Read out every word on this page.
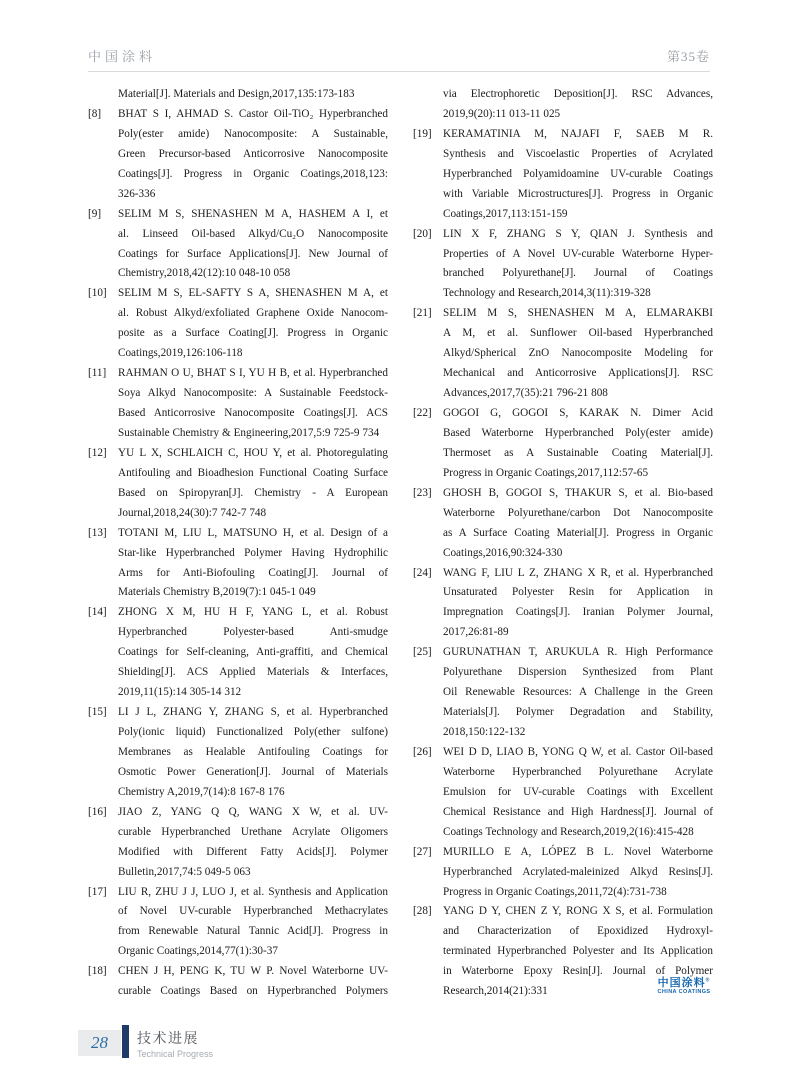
中国涂料	第35卷
Material[J]. Materials and Design,2017,135:173-183
[8] BHAT S I, AHMAD S. Castor Oil-TiO₂ Hyperbranched
Poly(ester amide) Nanocomposite: A Sustainable,
Green Precursor-based Anticorrosive Nanocomposite
Coatings[J]. Progress in Organic Coatings,2018,123:
326-336
[9] SELIM M S, SHENASHEN M A, HASHEM A I, et
al. Linseed Oil-based Alkyd/Cu₂O Nanocomposite
Coatings for Surface Applications[J]. New Journal of
Chemistry,2018,42(12):10 048-10 058
[10] SELIM M S, EL-SAFTY S A, SHENASHEN M A, et
al. Robust Alkyd/exfoliated Graphene Oxide Nanocom-
posite as a Surface Coating[J]. Progress in Organic
Coatings,2019,126:106-118
[11] RAHMAN O U, BHAT S I, YU H B, et al. Hyperbranched
Soya Alkyd Nanocomposite: A Sustainable Feedstock-
Based Anticorrosive Nanocomposite Coatings[J]. ACS
Sustainable Chemistry & Engineering,2017,5:9 725-9 734
[12] YU L X, SCHLAICH C, HOU Y, et al. Photoregulating
Antifouling and Bioadhesion Functional Coating Surface
Based on Spiropyran[J]. Chemistry - A European
Journal,2018,24(30):7 742-7 748
[13] TOTANI M, LIU L, MATSUNO H, et al. Design of a
Star-like Hyperbranched Polymer Having Hydrophilic
Arms for Anti-Biofouling Coating[J]. Journal of
Materials Chemistry B,2019(7):1 045-1 049
[14] ZHONG X M, HU H F, YANG L, et al. Robust
Hyperbranched Polyester-based Anti-smudge
Coatings for Self-cleaning, Anti-graffiti, and Chemical
Shielding[J]. ACS Applied Materials & Interfaces,
2019,11(15):14 305-14 312
[15] LI J L, ZHANG Y, ZHANG S, et al. Hyperbranched
Poly(ionic liquid) Functionalized Poly(ether sulfone)
Membranes as Healable Antifouling Coatings for
Osmotic Power Generation[J]. Journal of Materials
Chemistry A,2019,7(14):8 167-8 176
[16] JIAO Z, YANG Q Q, WANG X W, et al. UV-
curable Hyperbranched Urethane Acrylate Oligomers
Modified with Different Fatty Acids[J]. Polymer
Bulletin,2017,74:5 049-5 063
[17] LIU R, ZHU J J, LUO J, et al. Synthesis and Application
of Novel UV-curable Hyperbranched Methacrylates
from Renewable Natural Tannic Acid[J]. Progress in
Organic Coatings,2014,77(1):30-37
[18] CHEN J H, PENG K, TU W P. Novel Waterborne UV-
curable Coatings Based on Hyperbranched Polymers
via Electrophoretic Deposition[J]. RSC Advances,
2019,9(20):11 013-11 025
[19] KERAMATINIA M, NAJAFI F, SAEB M R.
Synthesis and Viscoelastic Properties of Acrylated
Hyperbranched Polyamidoamine UV-curable Coatings
with Variable Microstructures[J]. Progress in Organic
Coatings,2017,113:151-159
[20] LIN X F, ZHANG S Y, QIAN J. Synthesis and
Properties of A Novel UV-curable Waterborne Hyper-
branched Polyurethane[J]. Journal of Coatings
Technology and Research,2014,3(11):319-328
[21] SELIM M S, SHENASHEN M A, ELMARAKBI
A M, et al. Sunflower Oil-based Hyperbranched
Alkyd/Spherical ZnO Nanocomposite Modeling for
Mechanical and Anticorrosive Applications[J]. RSC
Advances,2017,7(35):21 796-21 808
[22] GOGOI G, GOGOI S, KARAK N. Dimer Acid
Based Waterborne Hyperbranched Poly(ester amide)
Thermoset as A Sustainable Coating Material[J].
Progress in Organic Coatings,2017,112:57-65
[23] GHOSH B, GOGOI S, THAKUR S, et al. Bio-based
Waterborne Polyurethane/carbon Dot Nanocomposite
as A Surface Coating Material[J]. Progress in Organic
Coatings,2016,90:324-330
[24] WANG F, LIU L Z, ZHANG X R, et al. Hyperbranched
Unsaturated Polyester Resin for Application in
Impregnation Coatings[J]. Iranian Polymer Journal,
2017,26:81-89
[25] GURUNATHAN T, ARUKULA R. High Performance
Polyurethane Dispersion Synthesized from Plant
Oil Renewable Resources: A Challenge in the Green
Materials[J]. Polymer Degradation and Stability,
2018,150:122-132
[26] WEI D D, LIAO B, YONG Q W, et al. Castor Oil-based
Waterborne Hyperbranched Polyurethane Acrylate
Emulsion for UV-curable Coatings with Excellent
Chemical Resistance and High Hardness[J]. Journal of
Coatings Technology and Research,2019,2(16):415-428
[27] MURILLO E A, LÓPEZ B L. Novel Waterborne
Hyperbranched Acrylated-maleinized Alkyd Resins[J].
Progress in Organic Coatings,2011,72(4):731-738
[28] YANG D Y, CHEN Z Y, RONG X S, et al. Formulation
and Characterization of Epoxidized Hydroxyl-
terminated Hyperbranched Polyester and Its Application
in Waterborne Epoxy Resin[J]. Journal of Polymer
Research,2014(21):331
中国涂料®
CHINA COATINGS
28	技术进展
Technical Progress
